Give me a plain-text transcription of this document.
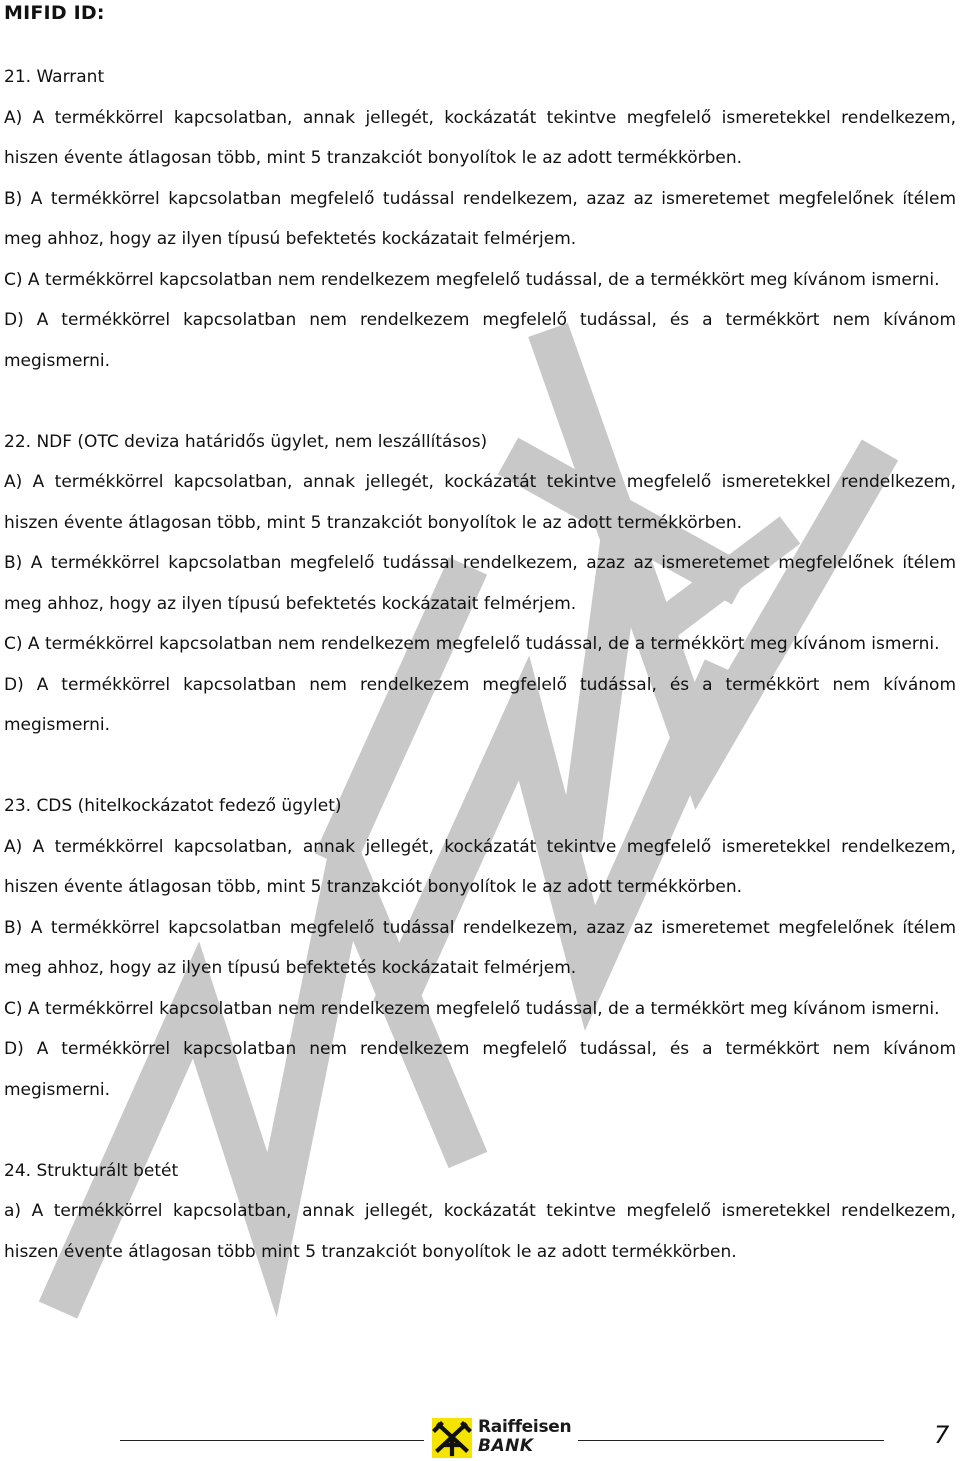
MIFID ID:

21. Warrant

A) A termékkörrel kapcsolatban, annak jellegét, kockázatát tekintve megfelelő ismeretekkel rendelkezem, hiszen évente átlagosan több, mint 5 tranzakciót bonyolítok le az adott termékkörben.

B) A termékkörrel kapcsolatban megfelelő tudással rendelkezem, azaz az ismeretemet megfelelőnek ítélem meg ahhoz, hogy az ilyen típusú befektetés kockázatait felmérjem.

C) A termékkörrel kapcsolatban nem rendelkezem megfelelő tudással, de a termékkört meg kívánom ismerni.

D) A termékkörrel kapcsolatban nem rendelkezem megfelelő tudással, és a termékkört nem kívánom megismerni.

22. NDF (OTC deviza határidős ügylet, nem leszállításos)

A) A termékkörrel kapcsolatban, annak jellegét, kockázatát tekintve megfelelő ismeretekkel rendelkezem, hiszen évente átlagosan több, mint 5 tranzakciót bonyolítok le az adott termékkörben.

B) A termékkörrel kapcsolatban megfelelő tudással rendelkezem, azaz az ismeretemet megfelelőnek ítélem meg ahhoz, hogy az ilyen típusú befektetés kockázatait felmérjem.

C) A termékkörrel kapcsolatban nem rendelkezem megfelelő tudással, de a termékkört meg kívánom ismerni.

D) A termékkörrel kapcsolatban nem rendelkezem megfelelő tudással, és a termékkört nem kívánom megismerni.

23. CDS (hitelkockázatot fedező ügylet)

A) A termékkörrel kapcsolatban, annak jellegét, kockázatát tekintve megfelelő ismeretekkel rendelkezem, hiszen évente átlagosan több, mint 5 tranzakciót bonyolítok le az adott termékkörben.

B) A termékkörrel kapcsolatban megfelelő tudással rendelkezem, azaz az ismeretemet megfelelőnek ítélem meg ahhoz, hogy az ilyen típusú befektetés kockázatait felmérjem.

C) A termékkörrel kapcsolatban nem rendelkezem megfelelő tudással, de a termékkört meg kívánom ismerni.

D) A termékkörrel kapcsolatban nem rendelkezem megfelelő tudással, és a termékkört nem kívánom megismerni.

24. Strukturált betét

a) A termékkörrel kapcsolatban, annak jellegét, kockázatát tekintve megfelelő ismeretekkel rendelkezem, hiszen évente átlagosan több mint 5 tranzakciót bonyolítok le az adott termékkörben.

Raiffeisen
BANK	7
